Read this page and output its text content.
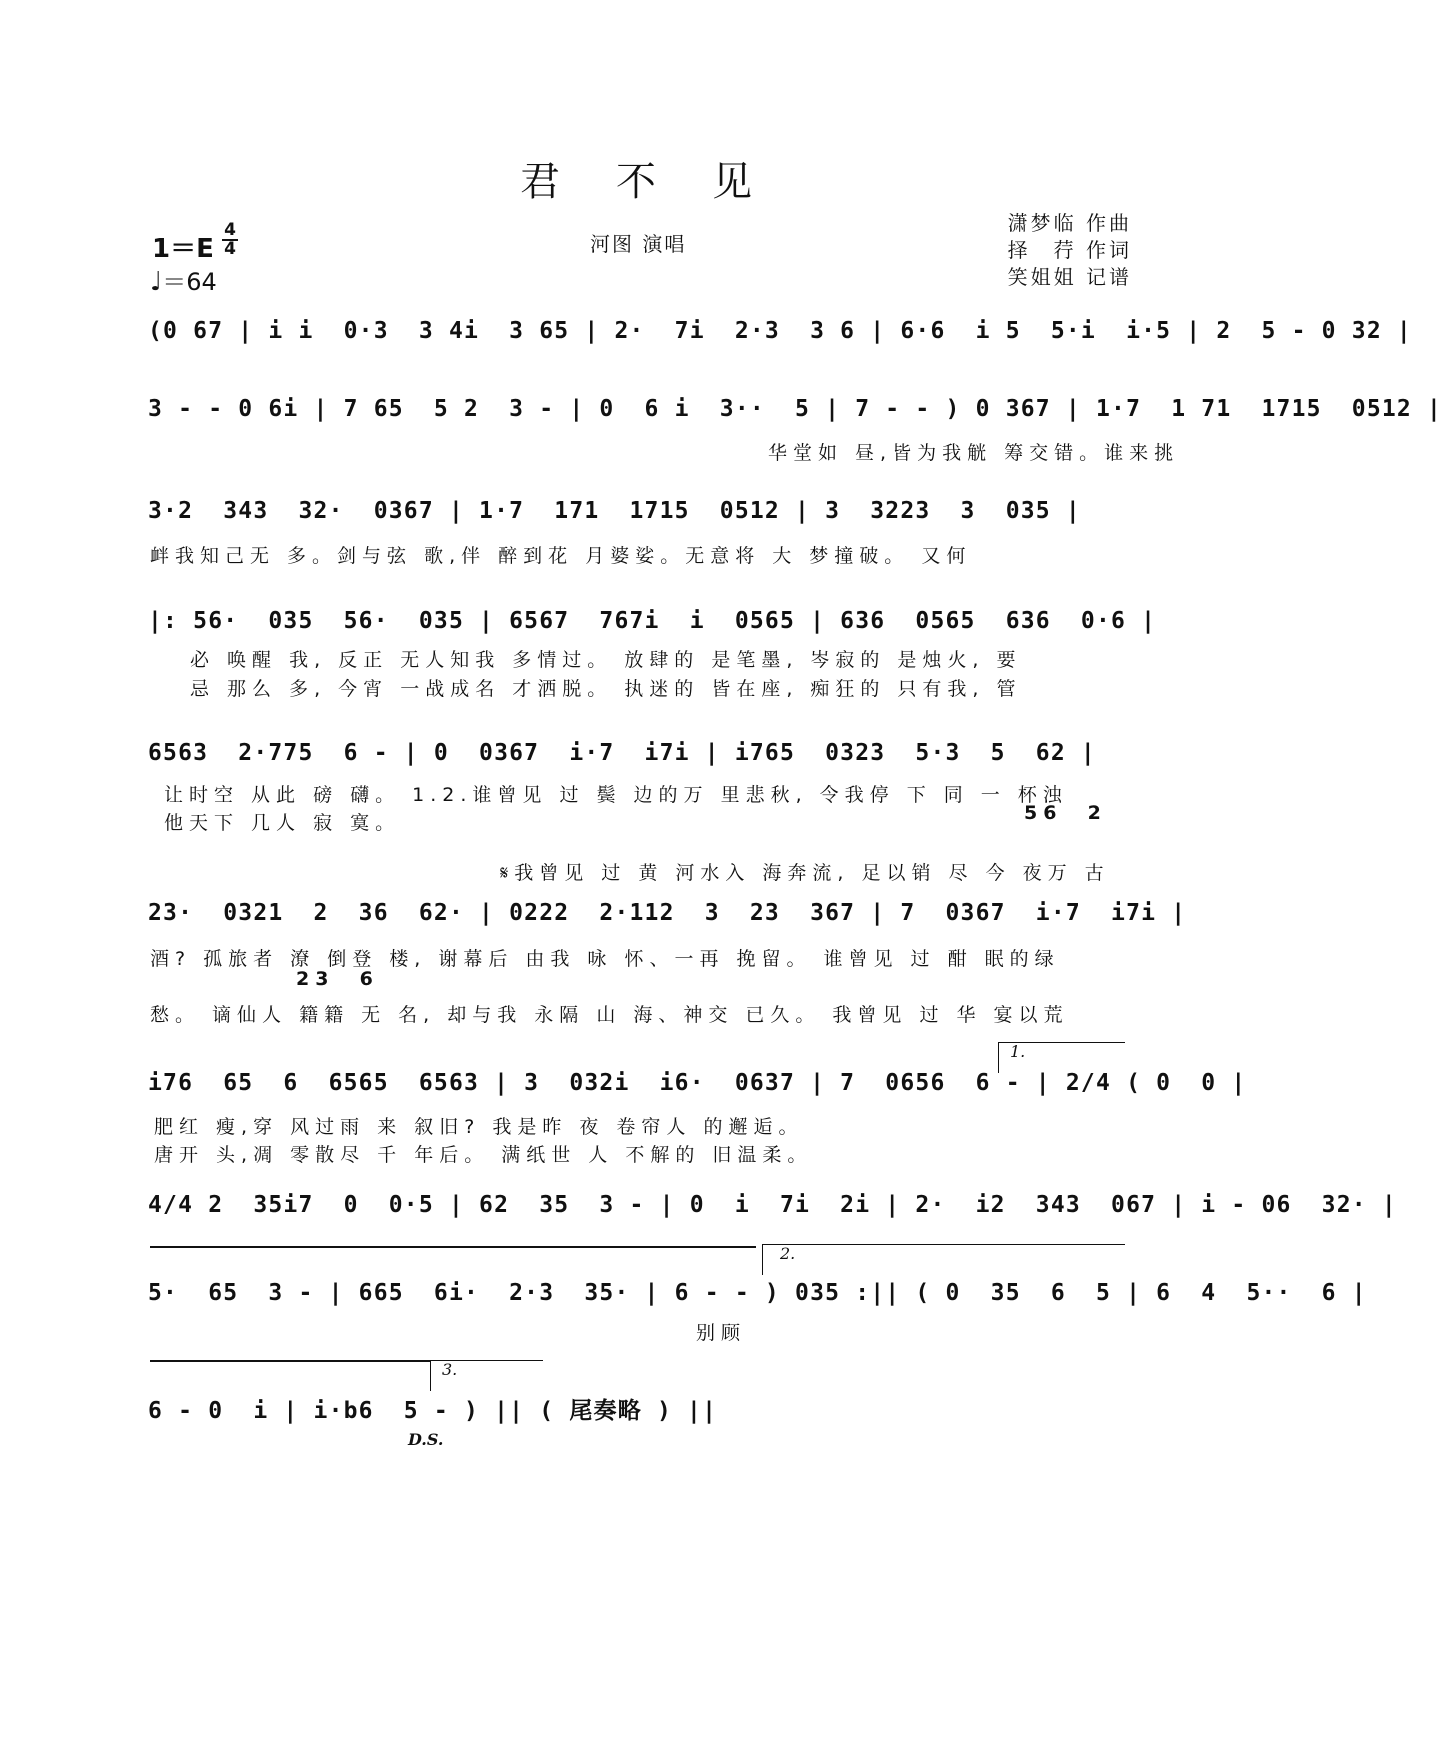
君不见
1＝E
4
4
♩＝64
河图 演唱
潇梦临 作曲
择　荇 作词
笑姐姐 记谱
(0 67 | i i  0·3  3 4i  3 65 | 2·  7i  2·3  3 6 | 6·6  i 5  5·i  i·5 | 2  5 - 0 32 |
3 - - 0 6i | 7 65  5 2  3 - | 0  6 i  3··  5 | 7 - - ) 0 367 | 1·7  1 71  1715  0512 |
华堂如 昼,皆为我觥 筹交错。谁来挑
3·2  343  32·  0367 | 1·7  171  1715  0512 | 3  3223  3  035 |
衅我知己无 多。剑与弦 歌,伴 醉到花 月婆娑。无意将 大 梦撞破。 又何
|: 56·  035  56·  035 | 6567  767i  i  0565 | 636  0565  636  0·6 |
必 唤醒 我, 反正 无人知我 多情过。 放肆的 是笔墨, 岑寂的 是烛火, 要
忌 那么 多, 今宵 一战成名 才洒脱。 执迷的 皆在座, 痴狂的 只有我, 管
6563  2·775  6 - | 0  0367  i·7  i7i | i765  0323  5·3  5  62 |
让时空 从此 磅 礴。 1.2.谁曾见 过 鬓 边的万 里悲秋, 令我停 下 同 一 杯浊
他天下 几人 寂 寞。	56  2

𝄋我曾见 过 黄 河水入 海奔流, 足以销 尽 今 夜万 古

23·  0321  2  36  62· | 0222  2·112  3  23  367 | 7  0367  i·7  i7i |
酒? 孤旅者 潦 倒登 楼, 谢幕后 由我 咏 怀、一再 挽留。 谁曾见 过 酣 眠的绿
23  6
愁。 谪仙人 籍籍 无 名, 却与我 永隔 山 海、神交 已久。 我曾见 过 华 宴以荒
i76  65  6  6565  6563 | 3  032i  i6·  0637 | 7  0656  6 - | 2/4 ( 0  0 |
肥红 瘦,穿 风过雨 来 叙旧? 我是昨 夜 卷帘人 的邂逅。
唐开 头,凋 零散尽 千 年后。 满纸世 人 不解的 旧温柔。
1.
4/4 2  35i7  0  0·5 | 62  35  3 - | 0  i  7i  2i | 2·  i2  343  067 | i - 06  32· |
5·  65  3 - | 665  6i·  2·3  35· | 6 - - ) 035 :|| ( 0  35  6  5 | 6  4  5··  6 |
2.
别顾
6 - 0  i | i·b6  5 - ) || ( 尾奏略 ) ||
3.
D.S.
